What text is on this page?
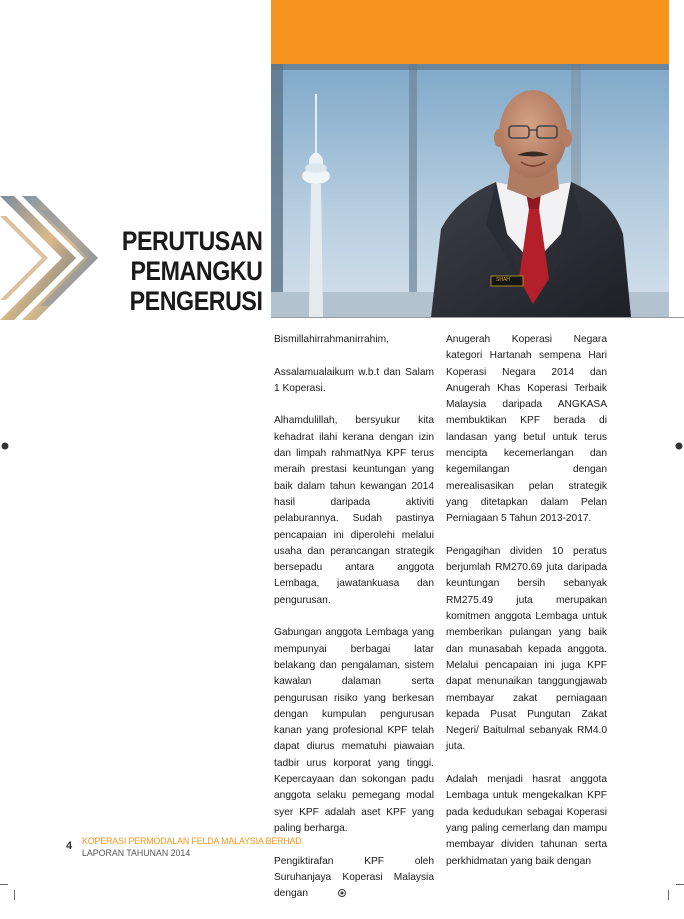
SHAH
PERUTUSAN
PEMANGKU
PENGERUSI

Bismillahirrahmanirrahim,

Assalamualaikum w.b.t dan Salam 1 Koperasi.

Alhamdulillah, bersyukur kita kehadrat ilahi kerana dengan izin dan limpah rahmatNya KPF terus meraih prestasi keuntungan yang baik dalam tahun kewangan 2014 hasil daripada aktiviti pelaburannya. Sudah pastinya pencapaian ini diperolehi melalui usaha dan perancangan strategik bersepadu antara anggota Lembaga, jawatankuasa dan pengurusan.

Gabungan anggota Lembaga yang mempunyai berbagai latar belakang dan pengalaman, sistem kawalan dalaman serta pengurusan risiko yang berkesan dengan kumpulan pengurusan kanan yang profesional KPF telah dapat diurus mematuhi piawaian tadbir urus korporat yang tinggi. Kepercayaan dan sokongan padu anggota selaku pemegang modal syer KPF adalah aset KPF yang paling berharga.

Pengiktirafan KPF oleh Suruhanjaya Koperasi Malaysia dengan

Anugerah Koperasi Negara kategori Hartanah sempena Hari Koperasi Negara 2014 dan Anugerah Khas Koperasi Terbaik Malaysia daripada ANGKASA membuktikan KPF berada di landasan yang betul untuk terus mencipta kecemerlangan dan kegemilangan dengan merealisasikan pelan strategik yang ditetapkan dalam Pelan Perniagaan 5 Tahun 2013-2017.

Pengagihan dividen 10 peratus berjumlah RM270.69 juta daripada keuntungan bersih sebanyak RM275.49 juta merupakan komitmen anggota Lembaga untuk memberikan pulangan yang baik dan munasabah kepada anggota. Melalui pencapaian ini juga KPF dapat menunaikan tanggungjawab membayar zakat perniagaan kepada Pusat Pungutan Zakat Negeri/ Baitulmal sebanyak RM4.0 juta.

Adalah menjadi hasrat anggota Lembaga untuk mengekalkan KPF pada kedudukan sebagai Koperasi yang paling cemerlang dan mampu membayar dividen tahunan serta perkhidmatan yang baik dengan

4 KOPERASI PERMODALAN FELDA MALAYSIA BERHAD
LAPORAN TAHUNAN 2014
